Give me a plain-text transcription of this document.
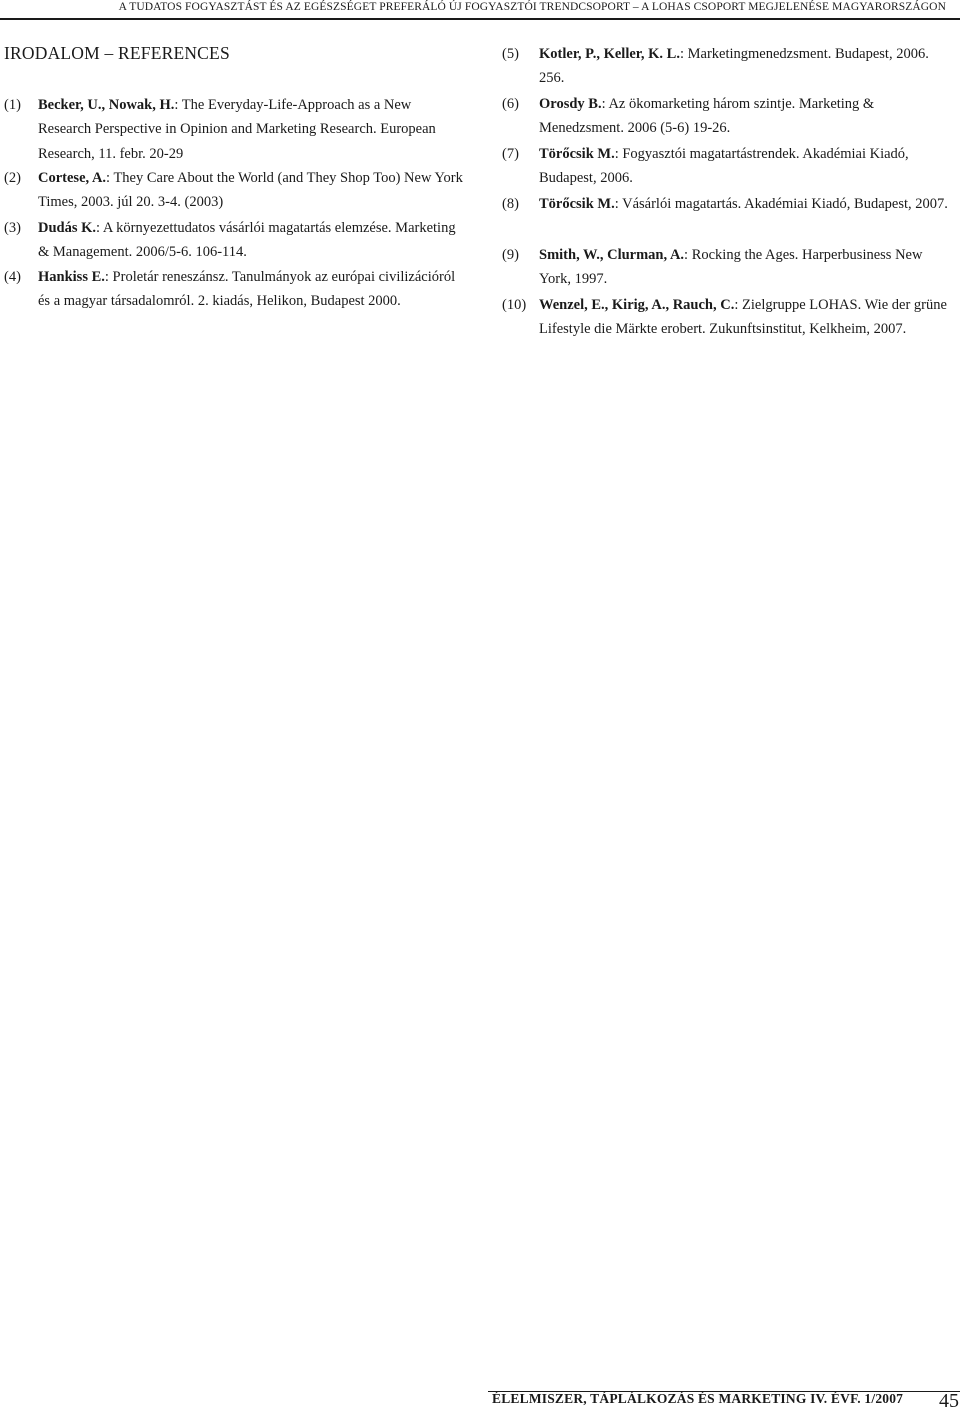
A TUDATOS FOGYASZTÁST ÉS AZ EGÉSZSÉGET PREFERÁLÓ ÚJ FOGYASZTÓI TRENDCSOPORT – A LOHAS CSOPORT MEGJELENÉSE MAGYARORSZÁGON
IRODALOM – REFERENCES
(1) Becker, U., Nowak, H.: The Everyday-Life-Approach as a New Research Perspective in Opinion and Marketing Research. European Research, 11. febr. 20-29
(2) Cortese, A.: They Care About the World (and They Shop Too) New York Times, 2003. júl 20. 3-4. (2003)
(3) Dudás K.: A környezettudatos vásárlói magatartás elemzése. Marketing & Management. 2006/5-6. 106-114.
(4) Hankiss E.: Proletár reneszánsz. Tanulmányok az európai civilizációról és a magyar társadalomról. 2. kiadás, Helikon, Budapest 2000.
(5) Kotler, P., Keller, K. L.: Marketingmenedzsment. Budapest, 2006. 256.
(6) Orosdy B.: Az ökomarketing három szintje. Marketing & Menedzsment. 2006 (5-6) 19-26.
(7) Törőcsik M.: Fogyasztói magatartástrendek. Akadémiai Kiadó, Budapest, 2006.
(8) Törőcsik M.: Vásárlói magatartás. Akadémiai Kiadó, Budapest, 2007.
(9) Smith, W., Clurman, A.: Rocking the Ages. Harperbusiness New York, 1997.
(10) Wenzel, E., Kirig, A., Rauch, C.: Zielgruppe LOHAS. Wie der grüne Lifestyle die Märkte erobert. Zukunftsinstitut, Kelkheim, 2007.
ÉLELMISZER, TÁPLÁLKOZÁS ÉS MARKETING IV. ÉVF. 1/2007 45
